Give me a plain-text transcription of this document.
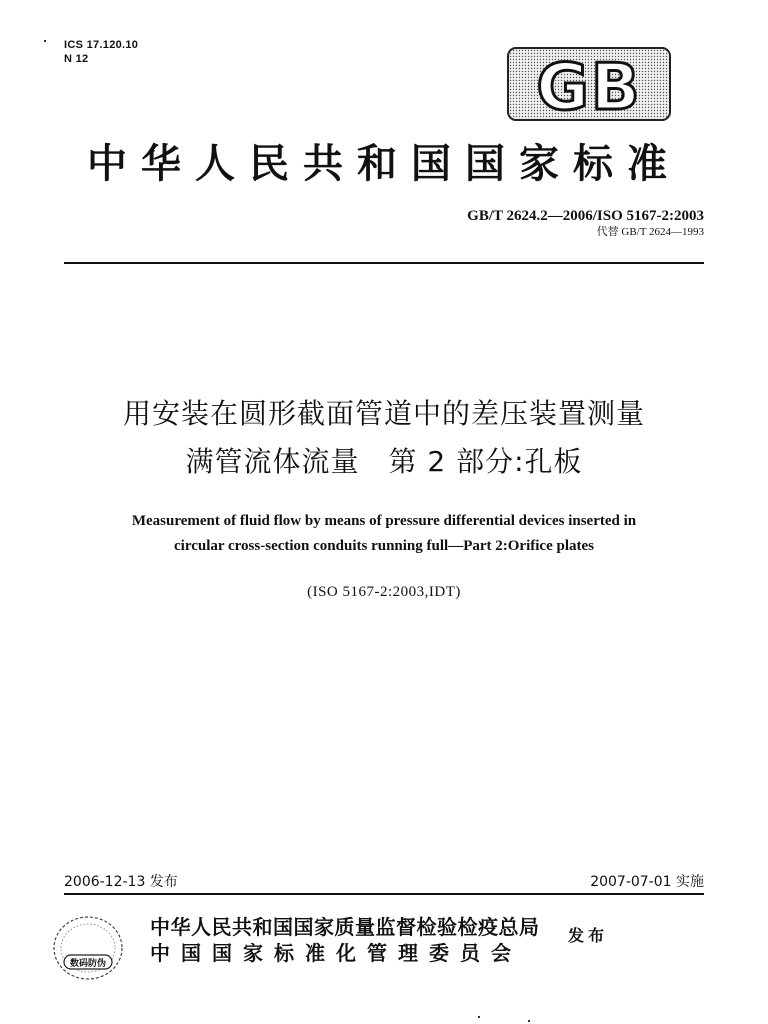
ICS 17.120.10
N 12	GB
中华人民共和国国家标准
GB/T 2624.2—2006/ISO 5167-2:2003
代替 GB/T 2624—1993
用安装在圆形截面管道中的差压装置测量
满管流体流量　第 2 部分:孔板
Measurement of fluid flow by means of pressure differential devices inserted in
circular cross-section conduits running full—Part 2:Orifice plates
(ISO 5167-2:2003,IDT)
2006-12-13 发布	2007-07-01 实施
数码防伪
中华人民共和国国家质量监督检验检疫总局
中国国家标准化管理委员会
发布
